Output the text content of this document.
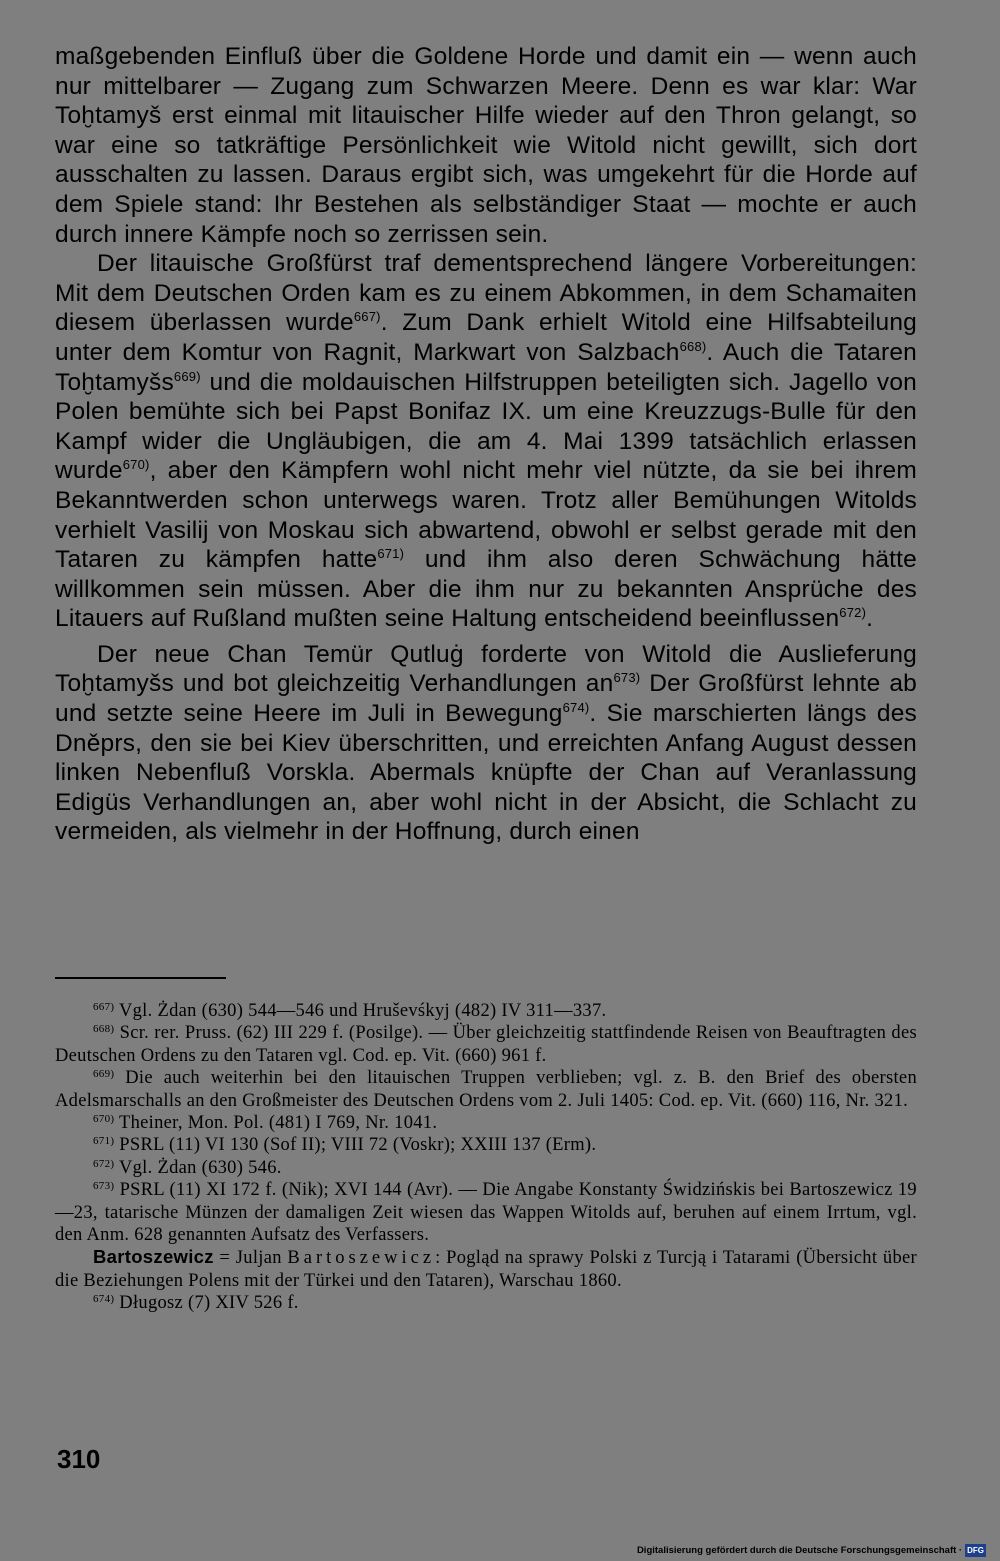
maßgebenden Einfluß über die Goldene Horde und damit ein — wenn auch nur mittelbarer — Zugang zum Schwarzen Meere. Denn es war klar: War Toḫtamyš erst einmal mit litauischer Hilfe wieder auf den Thron gelangt, so war eine so tatkräftige Persönlichkeit wie Witold nicht gewillt, sich dort ausschalten zu lassen. Daraus ergibt sich, was umgekehrt für die Horde auf dem Spiele stand: Ihr Bestehen als selbständiger Staat — mochte er auch durch innere Kämpfe noch so zerrissen sein.

Der litauische Großfürst traf dementsprechend längere Vorbereitungen: Mit dem Deutschen Orden kam es zu einem Abkommen, in dem Schamaiten diesem überlassen wurde$^{667)}$. Zum Dank erhielt Witold eine Hilfsabteilung unter dem Komtur von Ragnit, Markwart von Salzbach$^{668)}$. Auch die Tataren Toḫtamyšs$^{669)}$ und die moldauischen Hilfstruppen beteiligten sich. Jagello von Polen bemühte sich bei Papst Bonifaz IX. um eine Kreuzzugs-Bulle für den Kampf wider die Ungläubigen, die am 4. Mai 1399 tatsächlich erlassen wurde$^{670)}$, aber den Kämpfern wohl nicht mehr viel nützte, da sie bei ihrem Bekanntwerden schon unterwegs waren. Trotz aller Bemühungen Witolds verhielt Vasilij von Moskau sich abwartend, obwohl er selbst gerade mit den Tataren zu kämpfen hatte$^{671)}$ und ihm also deren Schwächung hätte willkommen sein müssen. Aber die ihm nur zu bekannten Ansprüche des Litauers auf Rußland mußten seine Haltung entscheidend beeinflussen$^{672)}$.

Der neue Chan Temür Qutluġ forderte von Witold die Auslieferung Toḫtamyšs und bot gleichzeitig Verhandlungen $an^{673)}$ Der Großfürst lehnte ab und setzte seine Heere im Juli in Bewegung$^{674)}$. Sie marschierten längs des Dněprs, den sie bei Kiev überschritten, und erreichten Anfang August dessen linken Nebenfluß Vorskla. Abermals knüpfte der Chan auf Veranlassung Edigüs Verhandlungen an, aber wohl nicht in der Absicht, die Schlacht zu vermeiden, als vielmehr in der Hoffnung, durch einen

$^{667)}$ Vgl. Żdan (630) 544—546 und Hruševśkyj (482) IV 311—337.

$^{668)}$ Scr. rer. Pruss. (62) III 229 f. (Posilge). — Über gleichzeitig stattfindende Reisen von Beauftragten des Deutschen Ordens zu den Tataren vgl. Cod. ep. Vit. (660) 961 f.

$^{669)}$ Die auch weiterhin bei den litauischen Truppen verblieben; vgl. z. B. den Brief des obersten Adelsmarschalls an den Großmeister des Deutschen Ordens vom 2. Juli 1405: Cod. ep. Vit. (660) 116, Nr. 321.

$^{670)}$ Theiner, Mon. Pol. (481) I 769, Nr. 1041.

$^{671)}$ PSRL (11) VI 130 (Sof II); VIII 72 (Voskr); XXIII 137 (Erm).

$^{672)}$ Vgl. Żdan (630) 546.

$^{673)}$ PSRL (11) XI 172 f. (Nik); XVI 144 (Avr). — Die Angabe Konstanty Świdzińskis bei Bartoszewicz 19—23, tatarische Münzen der damaligen Zeit wiesen das Wappen Witolds auf, beruhen auf einem Irrtum, vgl. den Anm. 628 genannten Aufsatz des Verfassers.

Bartoszewicz = Juljan Bartoszewicz: Pogląd na sprawy Polski z Turcją i Tatarami (Übersicht über die Beziehungen Polens mit der Türkei und den Tataren), Warschau 1860.

$^{674)}$ Długosz (7) XIV 526 f.

310
Digitalisierung gefördert durch die Deutsche Forschungsgemeinschaft · DFG
